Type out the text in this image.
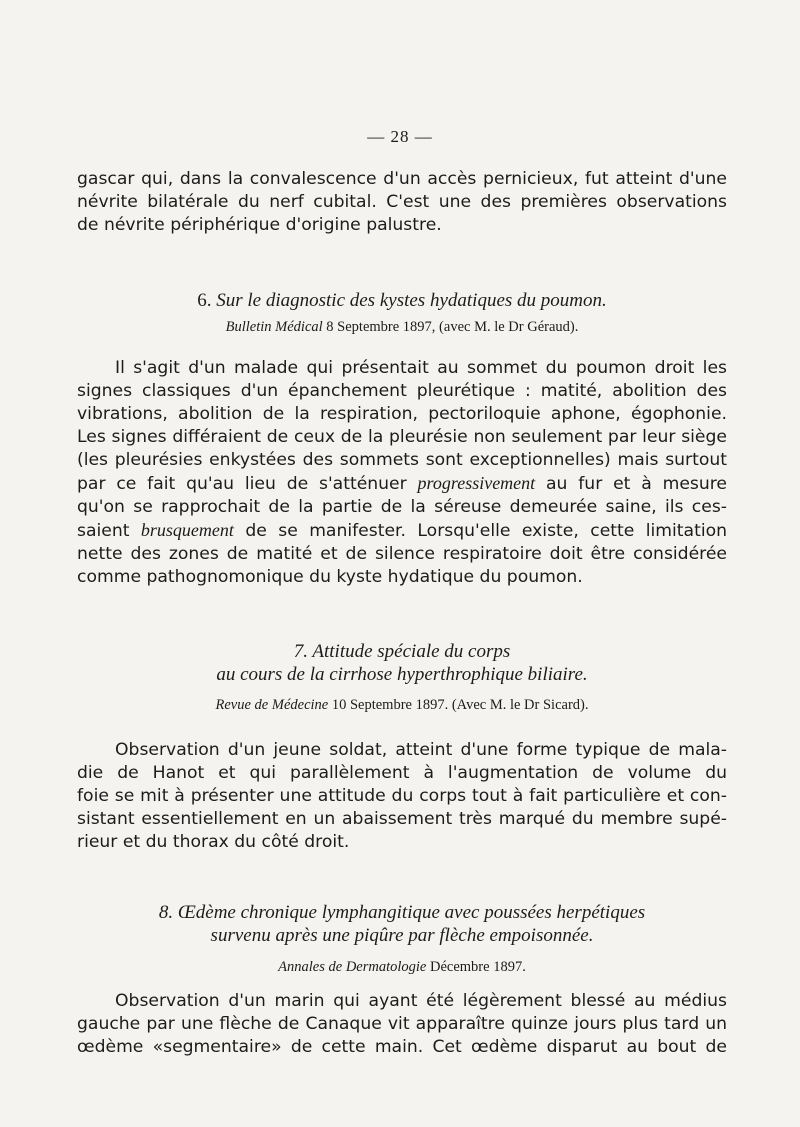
— 28 —
gascar qui, dans la convalescence d'un accès pernicieux, fut atteint d'une
névrite bilatérale du nerf cubital. C'est une des premières observations
de névrite périphérique d'origine palustre.
6. Sur le diagnostic des kystes hydatiques du poumon.
Bulletin Médical 8 Septembre 1897, (avec M. le Dr Géraud).
Il s'agit d'un malade qui présentait au sommet du poumon droit les
signes classiques d'un épanchement pleurétique : matité, abolition des
vibrations, abolition de la respiration, pectoriloquie aphone, égophonie.
Les signes différaient de ceux de la pleurésie non seulement par leur siège
(les pleurésies enkystées des sommets sont exceptionnelles) mais surtout
par ce fait qu'au lieu de s'atténuer progressivement au fur et à mesure
qu'on se rapprochait de la partie de la séreuse demeurée saine, ils ces-
saient brusquement de se manifester. Lorsqu'elle existe, cette limitation
nette des zones de matité et de silence respiratoire doit être considérée
comme pathognomonique du kyste hydatique du poumon.
7. Attitude spéciale du corps
au cours de la cirrhose hyperthrophique biliaire.
Revue de Médecine 10 Septembre 1897. (Avec M. le Dr Sicard).
Observation d'un jeune soldat, atteint d'une forme typique de mala-
die de Hanot et qui parallèlement à l'augmentation de volume du
foie se mit à présenter une attitude du corps tout à fait particulière et con-
sistant essentiellement en un abaissement très marqué du membre supé-
rieur et du thorax du côté droit.
8. Œdème chronique lymphangitique avec poussées herpétiques
survenu après une piqûre par flèche empoisonnée.
Annales de Dermatologie Décembre 1897.
Observation d'un marin qui ayant été légèrement blessé au médius
gauche par une flèche de Canaque vit apparaître quinze jours plus tard un
œdème «segmentaire» de cette main. Cet œdème disparut au bout de
